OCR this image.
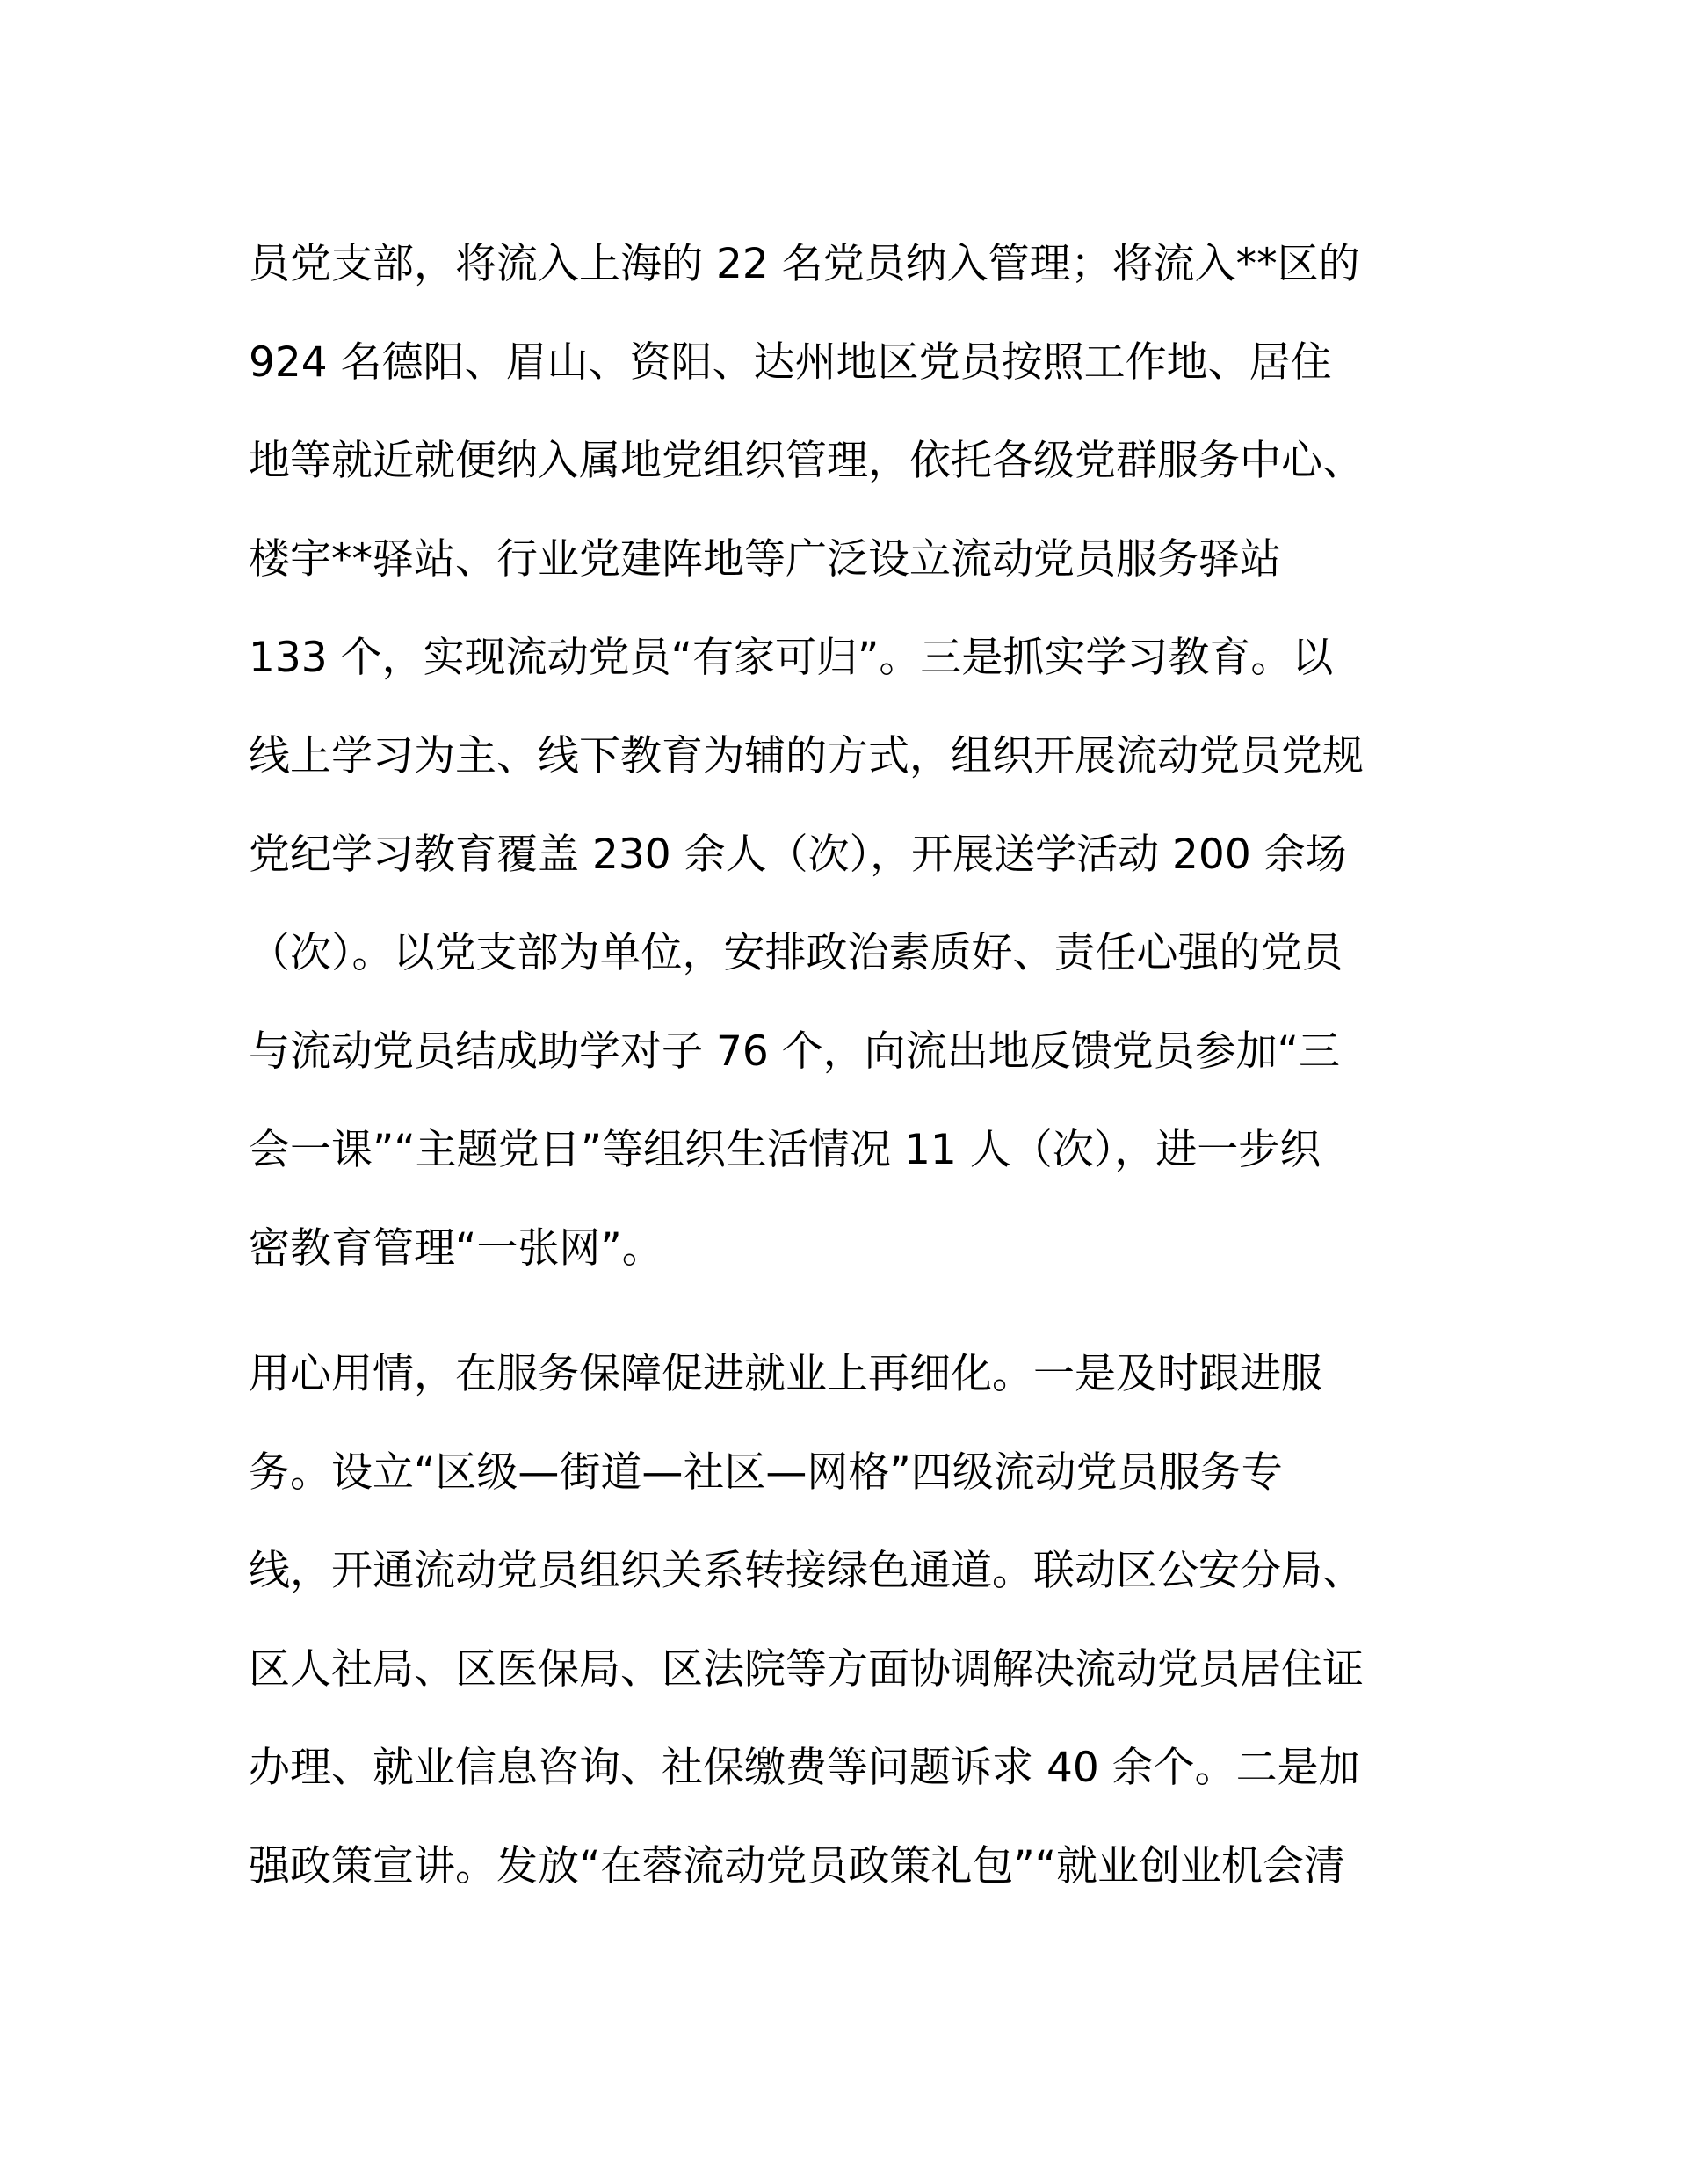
员党支部，将流入上海的 22 名党员纳入管理；将流入**区的
924 名德阳、眉山、资阳、达州地区党员按照工作地、居住
地等就近就便纳入属地党组织管理，依托各级党群服务中心、
楼宇**驿站、行业党建阵地等广泛设立流动党员服务驿站
133 个，实现流动党员“有家可归”。三是抓实学习教育。以
线上学习为主、线下教育为辅的方式，组织开展流动党员党规
党纪学习教育覆盖 230 余人（次），开展送学活动 200 余场
（次）。以党支部为单位，安排政治素质好、责任心强的党员
与流动党员结成助学对子 76 个，向流出地反馈党员参加“三
会一课”“主题党日”等组织生活情况 11 人（次），进一步织
密教育管理“一张网”。
用心用情，在服务保障促进就业上再细化。一是及时跟进服
务。设立“区级—街道—社区—网格”四级流动党员服务专
线，开通流动党员组织关系转接绿色通道。联动区公安分局、
区人社局、区医保局、区法院等方面协调解决流动党员居住证
办理、就业信息咨询、社保缴费等问题诉求 40 余个。二是加
强政策宣讲。发放“在蓉流动党员政策礼包”“就业创业机会清
